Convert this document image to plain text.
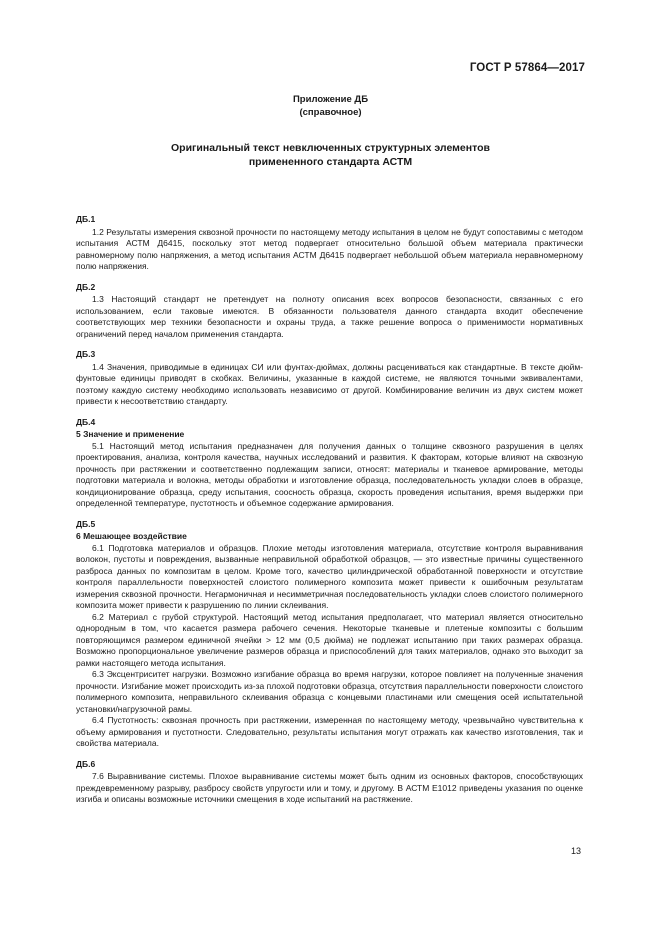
ГОСТ Р 57864—2017
Приложение ДБ
(справочное)
Оригинальный текст невключенных структурных элементов
примененного стандарта АСТМ
ДБ.1

1.2 Результаты измерения сквозной прочности по настоящему методу испытания в целом не будут сопоставимы с методом испытания АСТМ Д6415, поскольку этот метод подвергает относительно большой объем материала практически равномерному полю напряжения, а метод испытания АСТМ Д6415 подвергает небольшой объем материала неравномерному полю напряжения.

ДБ.2

1.3 Настоящий стандарт не претендует на полноту описания всех вопросов безопасности, связанных с его использованием, если таковые имеются. В обязанности пользователя данного стандарта входит обеспечение соответствующих мер техники безопасности и охраны труда, а также решение вопроса о применимости нормативных ограничений перед началом применения стандарта.

ДБ.3

1.4 Значения, приводимые в единицах СИ или фунтах-дюймах, должны расцениваться как стандартные. В тексте дюйм-фунтовые единицы приводят в скобках. Величины, указанные в каждой системе, не являются точными эквивалентами, поэтому каждую систему необходимо использовать независимо от другой. Комбинирование величин из двух систем может привести к несоответствию стандарту.

ДБ.4
5 Значение и применение

5.1 Настоящий метод испытания предназначен для получения данных о толщине сквозного разрушения в целях проектирования, анализа, контроля качества, научных исследований и развития. К факторам, которые влияют на сквозную прочность при растяжении и соответственно подлежащим записи, относят: материалы и тканевое армирование, методы подготовки материала и волокна, методы обработки и изготовление образца, последовательность укладки слоев в образце, кондиционирование образца, среду испытания, соосность образца, скорость проведения испытания, время выдержки при определенной температуре, пустотность и объемное содержание армирования.

ДБ.5
6 Мешающее воздействие

6.1 Подготовка материалов и образцов. Плохие методы изготовления материала, отсутствие контроля выравнивания волокон, пустоты и повреждения, вызванные неправильной обработкой образцов, — это известные причины существенного разброса данных по композитам в целом. Кроме того, качество цилиндрической обработанной поверхности и отсутствие контроля параллельности поверхностей слоистого полимерного композита может привести к ошибочным результатам измерения сквозной прочности. Негармоничная и несимметричная последовательность укладки слоев слоистого полимерного композита может привести к разрушению по линии склеивания.

6.2 Материал с грубой структурой. Настоящий метод испытания предполагает, что материал является относительно однородным в том, что касается размера рабочего сечения. Некоторые тканевые и плетеные композиты с большим повторяющимся размером единичной ячейки > 12 мм (0,5 дюйма) не подлежат испытанию при таких размерах образца. Возможно пропорциональное увеличение размеров образца и приспособлений для таких материалов, однако это выходит за рамки настоящего метода испытания.

6.3 Эксцентриситет нагрузки. Возможно изгибание образца во время нагрузки, которое повлияет на полученные значения прочности. Изгибание может происходить из-за плохой подготовки образца, отсутствия параллельности поверхности слоистого полимерного композита, неправильного склеивания образца с концевыми пластинами или смещения осей испытательной установки/нагрузочной рамы.

6.4 Пустотность: сквозная прочность при растяжении, измеренная по настоящему методу, чрезвычайно чувствительна к объему армирования и пустотности. Следовательно, результаты испытания могут отражать как качество изготовления, так и свойства материала.

ДБ.6

7.6 Выравнивание системы. Плохое выравнивание системы может быть одним из основных факторов, способствующих преждевременному разрыву, разбросу свойств упругости или и тому, и другому. В АСТМ Е1012 приведены указания по оценке изгиба и описаны возможные источники смещения в ходе испытаний на растяжение.

13
